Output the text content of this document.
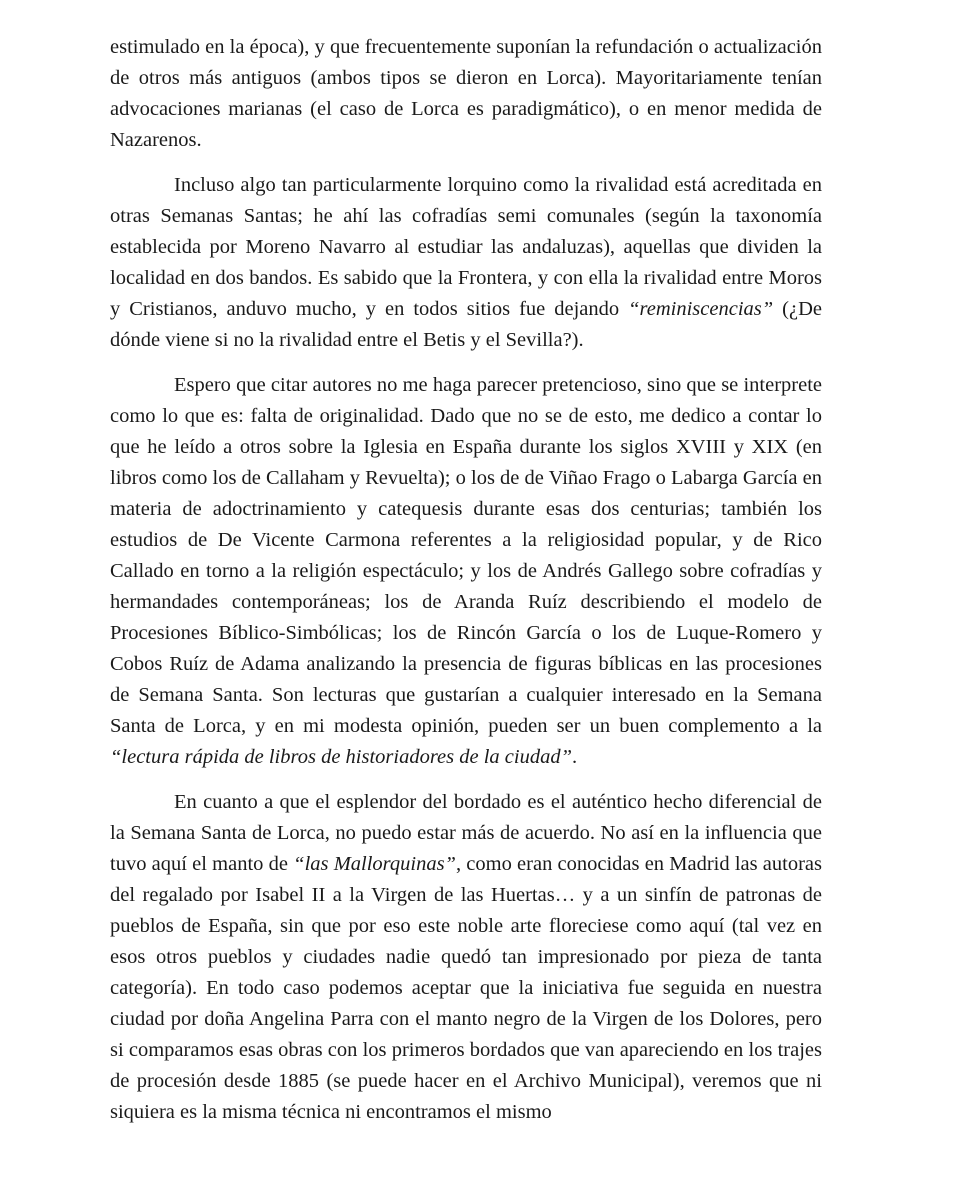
estimulado en la época), y que frecuentemente suponían la refundación o actualización de otros más antiguos (ambos tipos se dieron en Lorca). Mayoritariamente tenían advocaciones marianas (el caso de Lorca es paradigmático), o en menor medida de Nazarenos.

Incluso algo tan particularmente lorquino como la rivalidad está acreditada en otras Semanas Santas; he ahí las cofradías semi comunales (según la taxonomía establecida por Moreno Navarro al estudiar las andaluzas), aquellas que dividen la localidad en dos bandos. Es sabido que la Frontera, y con ella la rivalidad entre Moros y Cristianos, anduvo mucho, y en todos sitios fue dejando “reminiscencias” (¿De dónde viene si no la rivalidad entre el Betis y el Sevilla?).

Espero que citar autores no me haga parecer pretencioso, sino que se interprete como lo que es: falta de originalidad. Dado que no se de esto, me dedico a contar lo que he leído a otros sobre la Iglesia en España durante los siglos XVIII y XIX (en libros como los de Callaham y Revuelta); o los de de Viñao Frago o Labarga García en materia de adoctrinamiento y catequesis durante esas dos centurias; también los estudios de De Vicente Carmona referentes a la religiosidad popular, y de Rico Callado en torno a la religión espectáculo; y los de Andrés Gallego sobre cofradías y hermandades contemporáneas; los de Aranda Ruíz describiendo el modelo de Procesiones Bíblico-Simbólicas; los de Rincón García o los de Luque-Romero y Cobos Ruíz de Adama analizando la presencia de figuras bíblicas en las procesiones de Semana Santa. Son lecturas que gustarían a cualquier interesado en la Semana Santa de Lorca, y en mi modesta opinión, pueden ser un buen complemento a la “lectura rápida de libros de historiadores de la ciudad”.

En cuanto a que el esplendor del bordado es el auténtico hecho diferencial de la Semana Santa de Lorca, no puedo estar más de acuerdo. No así en la influencia que tuvo aquí el manto de “las Mallorquinas”, como eran conocidas en Madrid las autoras del regalado por Isabel II a la Virgen de las Huertas… y a un sinfín de patronas de pueblos de España, sin que por eso este noble arte floreciese como aquí (tal vez en esos otros pueblos y ciudades nadie quedó tan impresionado por pieza de tanta categoría). En todo caso podemos aceptar que la iniciativa fue seguida en nuestra ciudad por doña Angelina Parra con el manto negro de la Virgen de los Dolores, pero si comparamos esas obras con los primeros bordados que van apareciendo en los trajes de procesión desde 1885 (se puede hacer en el Archivo Municipal), veremos que ni siquiera es la misma técnica ni encontramos el mismo
